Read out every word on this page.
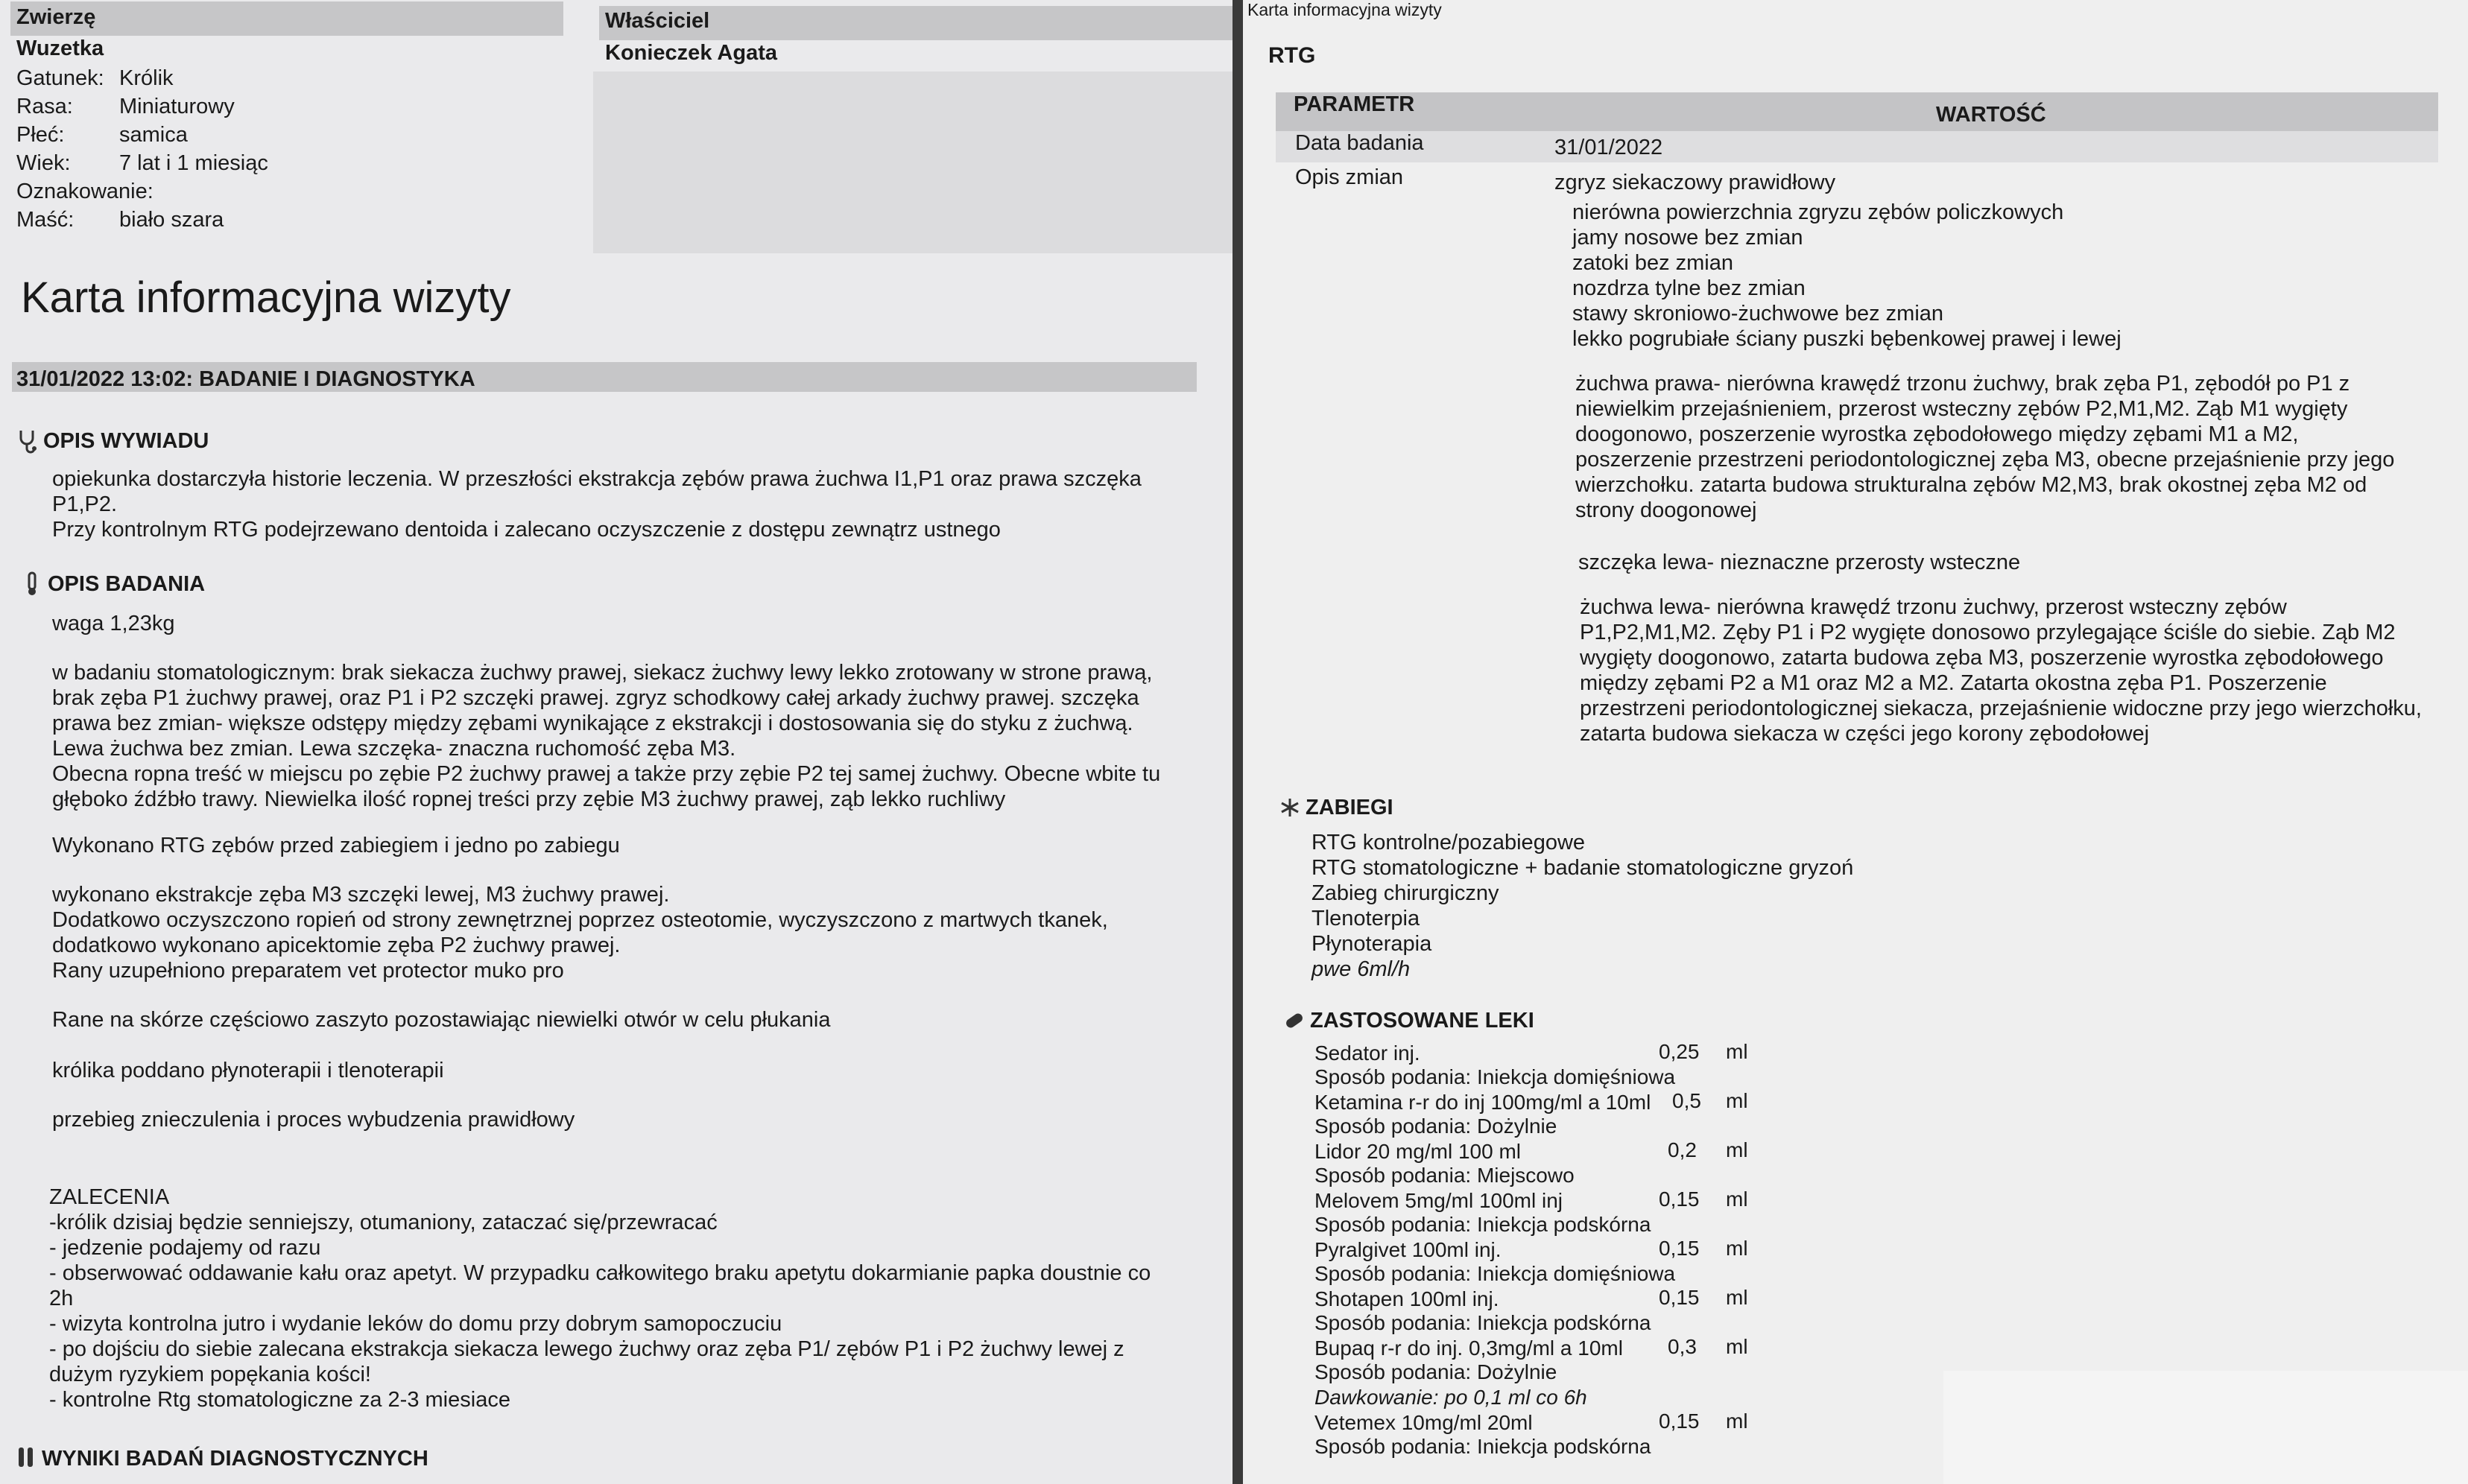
Zwierzę	Właściciel
Wuzetka	Konieczek Agata
Gatunek: Królik
Rasa:	Miniaturowy
Płeć:	samica
Wiek:	7 lat i 1 miesiąc
Oznakowanie:
Maść:	biało szara
Karta informacyjna wizyty
31/01/2022 13:02: BADANIE I DIAGNOSTYKA
OPIS WYWIADU
opiekunka dostarczyła historie leczenia. W przeszłości ekstrakcja zębów prawa żuchwa I1,P1 oraz prawa szczęka
P1,P2.
Przy kontrolnym RTG podejrzewano dentoida i zalecano oczyszczenie z dostępu zewnątrz ustnego
OPIS BADANIA
waga 1,23kg
w badaniu stomatologicznym: brak siekacza żuchwy prawej, siekacz żuchwy lewy lekko zrotowany w strone prawą,
brak zęba P1 żuchwy prawej, oraz P1 i P2 szczęki prawej. zgryz schodkowy całej arkady żuchwy prawej. szczęka
prawa bez zmian- większe odstępy między zębami wynikające z ekstrakcji i dostosowania się do styku z żuchwą.
Lewa żuchwa bez zmian. Lewa szczęka- znaczna ruchomość zęba M3.
Obecna ropna treść w miejscu po zębie P2 żuchwy prawej a także przy zębie P2 tej samej żuchwy. Obecne wbite tu
głęboko źdźbło trawy. Niewielka ilość ropnej treści przy zębie M3 żuchwy prawej, ząb lekko ruchliwy
Wykonano RTG zębów przed zabiegiem i jedno po zabiegu
wykonano ekstrakcje zęba M3 szczęki lewej, M3 żuchwy prawej.
Dodatkowo oczyszczono ropień od strony zewnętrznej poprzez osteotomie, wyczyszczono z martwych tkanek,
dodatkowo wykonano apicektomie zęba P2 żuchwy prawej.
Rany uzupełniono preparatem vet protector muko pro
Rane na skórze częściowo zaszyto pozostawiając niewielki otwór w celu płukania
królika poddano płynoterapii i tlenoterapii
przebieg znieczulenia i proces wybudzenia prawidłowy
ZALECENIA
-królik dzisiaj będzie senniejszy, otumaniony, zataczać się/przewracać
- jedzenie podajemy od razu
- obserwować oddawanie kału oraz apetyt. W przypadku całkowitego braku apetytu dokarmianie papka doustnie co
2h
- wizyta kontrolna jutro i wydanie leków do domu przy dobrym samopoczuciu
- po dojściu do siebie zalecana ekstrakcja siekacza lewego żuchwy oraz zęba P1/ zębów P1 i P2 żuchwy lewej z
dużym ryzykiem popękania kości!
- kontrolne Rtg stomatologiczne za 2-3 miesiace
WYNIKI BADAŃ DIAGNOSTYCZNYCH
Karta informacyjna wizyty
RTG
PARAMETR	WARTOŚĆ
Data badania	31/01/2022
Opis zmian	zgryz siekaczowy prawidłowy
nierówna powierzchnia zgryzu zębów policzkowych
jamy nosowe bez zmian
zatoki bez zmian
nozdrza tylne bez zmian
stawy skroniowo-żuchwowe bez zmian
lekko pogrubiałe ściany puszki bębenkowej prawej i lewej
żuchwa prawa- nierówna krawędź trzonu żuchwy, brak zęba P1, zębodół po P1 z
niewielkim przejaśnieniem, przerost wsteczny zębów P2,M1,M2. Ząb M1 wygięty
doogonowo, poszerzenie wyrostka zębodołowego między zębami M1 a M2,
poszerzenie przestrzeni periodontologicznej zęba M3, obecne przejaśnienie przy jego
wierzchołku. zatarta budowa strukturalna zębów M2,M3, brak okostnej zęba M2 od
strony doogonowej
szczęka lewa- nieznaczne przerosty wsteczne
żuchwa lewa- nierówna krawędź trzonu żuchwy, przerost wsteczny zębów
P1,P2,M1,M2. Zęby P1 i P2 wygięte donosowo przylegające ściśle do siebie. Ząb M2
wygięty doogonowo, zatarta budowa zęba M3, poszerzenie wyrostka zębodołowego
między zębami P2 a M1 oraz M2 a M2. Zatarta okostna zęba P1. Poszerzenie
przestrzeni periodontologicznej siekacza, przejaśnienie widoczne przy jego wierzchołku,
zatarta budowa siekacza w części jego korony zębodołowej
ZABIEGI
RTG kontrolne/pozabiegowe
RTG stomatologiczne + badanie stomatologiczne gryzoń
Zabieg chirurgiczny
Tlenoterpia
Płynoterapia
pwe 6ml/h
ZASTOSOWANE LEKI
Sedator inj.	0,25 ml
Sposób podania: Iniekcja domięśniowa
Ketamina r-r do inj 100mg/ml a 10ml 0,5 ml
Sposób podania: Dożylnie
Lidor 20 mg/ml 100 ml	0,2 ml
Sposób podania: Miejscowo
Melovem 5mg/ml 100ml inj	0,15 ml
Sposób podania: Iniekcja podskórna
Pyralgivet 100ml inj.	0,15 ml
Sposób podania: Iniekcja domięśniowa
Shotapen 100ml inj.	0,15 ml
Sposób podania: Iniekcja podskórna
Bupaq r-r do inj. 0,3mg/ml a 10ml 0,3 ml
Sposób podania: Dożylnie
Dawkowanie: po 0,1 ml co 6h
Vetemex 10mg/ml 20ml	0,15 ml
Sposób podania: Iniekcja podskórna
